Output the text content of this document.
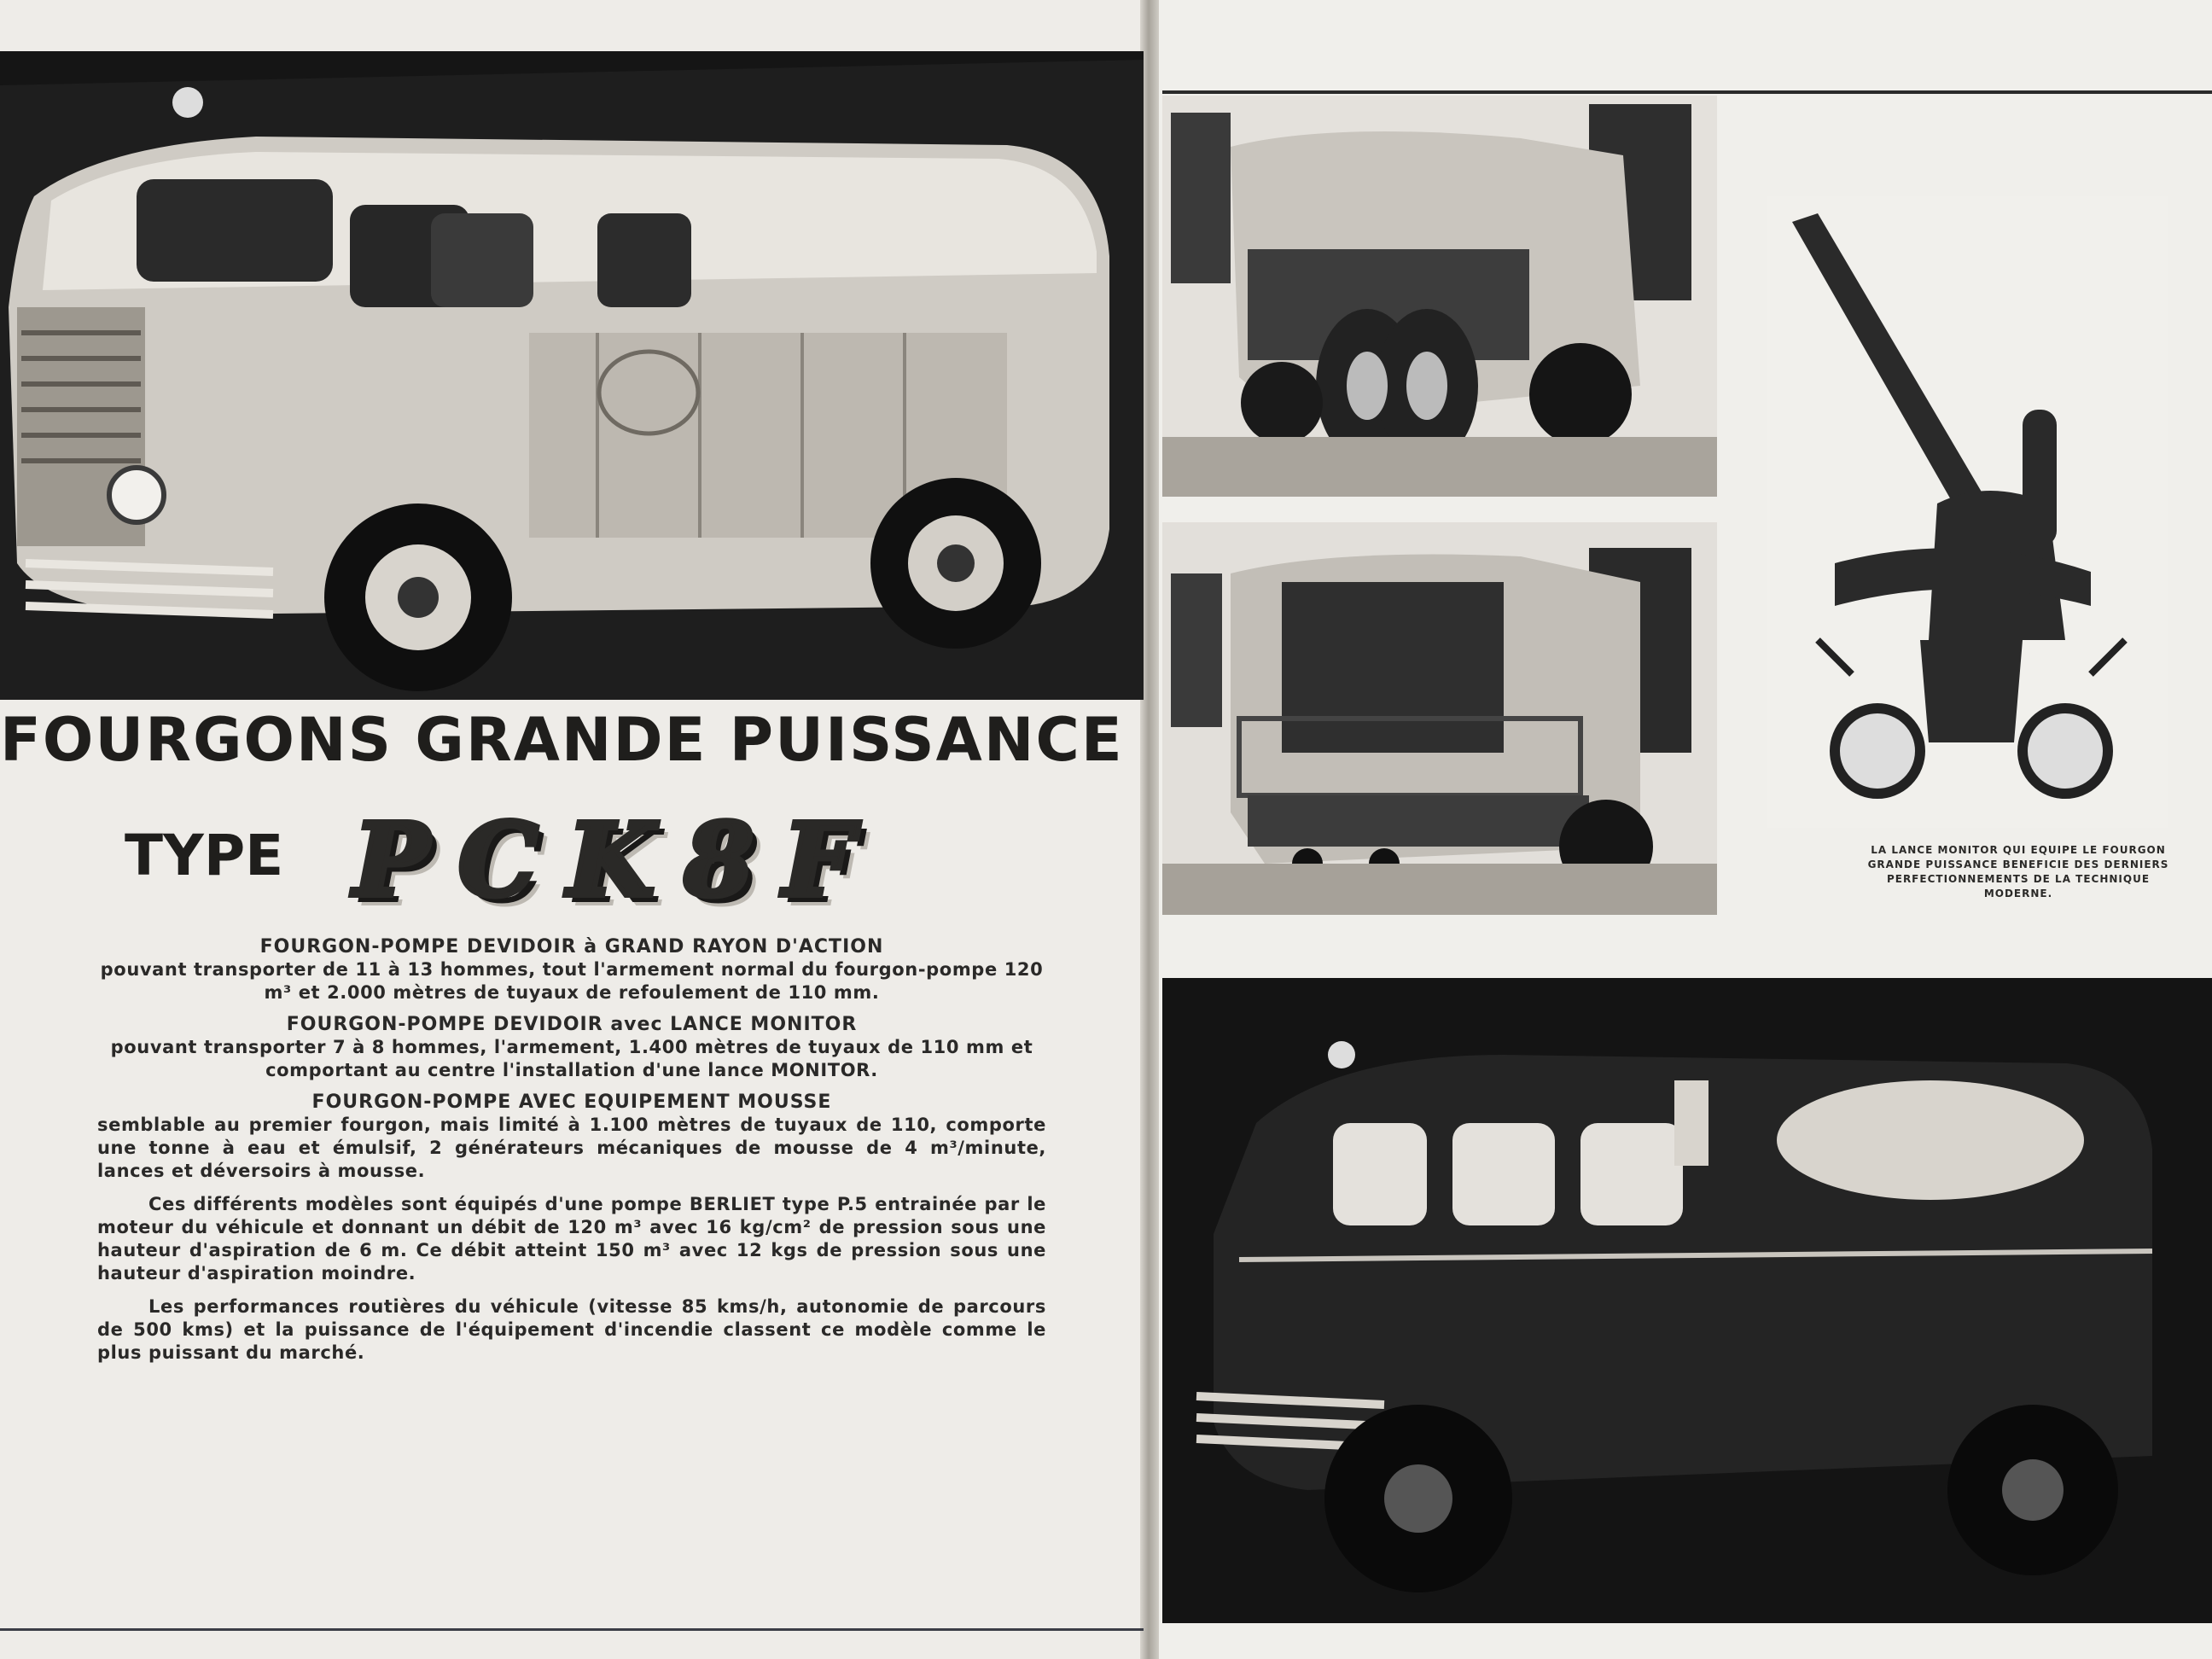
FOURGONS GRANDE PUISSANCE
TYPE PCK8F

FOURGON-POMPE DEVIDOIR à GRAND RAYON D'ACTION

pouvant transporter de 11 à 13 hommes, tout l'armement normal du fourgon-pompe 120 m³ et 2.000 mètres de tuyaux de refoulement de 110 mm.

FOURGON-POMPE DEVIDOIR avec LANCE MONITOR

pouvant transporter 7 à 8 hommes, l'armement, 1.400 mètres de tuyaux de 110 mm et comportant au centre l'installation d'une lance MONITOR.

FOURGON-POMPE AVEC EQUIPEMENT MOUSSE

semblable au premier fourgon, mais limité à 1.100 mètres de tuyaux de 110, comporte une tonne à eau et émulsif, 2 générateurs mécaniques de mousse de 4 m³/minute, lances et déversoirs à mousse.

Ces différents modèles sont équipés d'une pompe BERLIET type P.5 entrainée par le moteur du véhicule et donnant un débit de 120 m³ avec 16 kg/cm² de pression sous une hauteur d'aspiration de 6 m. Ce débit atteint 150 m³ avec 12 kgs de pression sous une hauteur d'aspiration moindre.

Les performances routières du véhicule (vitesse 85 kms/h, autonomie de parcours de 500 kms) et la puissance de l'équipement d'incendie classent ce modèle comme le plus puissant du marché.

LA LANCE MONITOR QUI EQUIPE LE FOURGON GRANDE PUISSANCE BENEFICIE DES DERNIERS PERFECTIONNEMENTS DE LA TECHNIQUE MODERNE.
